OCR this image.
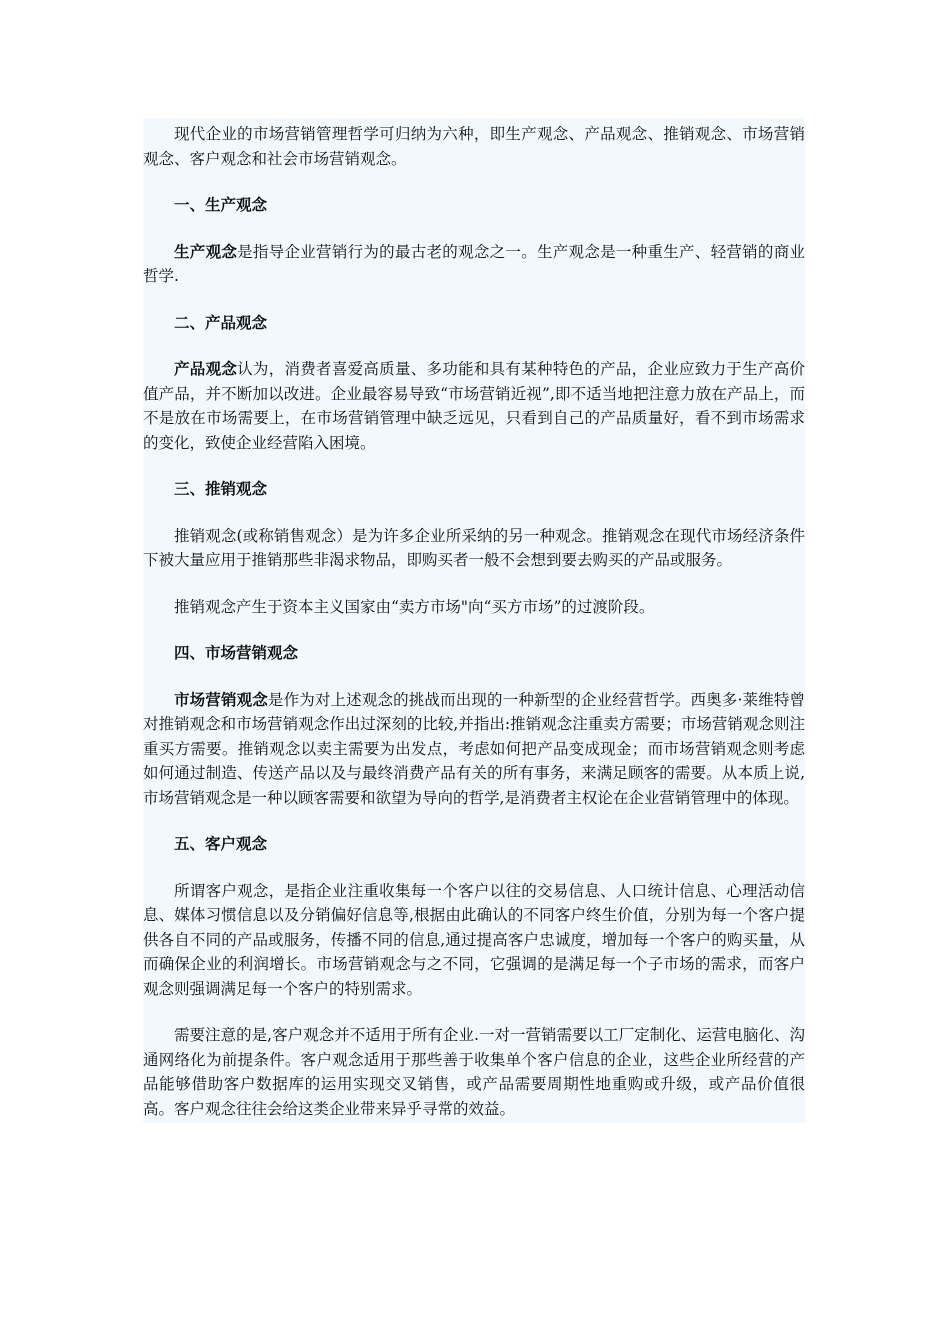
现代企业的市场营销管理哲学可归纳为六种，即生产观念、产品观念、推销观念、市场营销观念、客户观念和社会市场营销观念。

一、生产观念

生产观念是指导企业营销行为的最古老的观念之一。生产观念是一种重生产、轻营销的商业哲学.

二、产品观念

产品观念认为，消费者喜爱高质量、多功能和具有某种特色的产品，企业应致力于生产高价值产品，并不断加以改进。企业最容易导致“市场营销近视”,即不适当地把注意力放在产品上，而不是放在市场需要上，在市场营销管理中缺乏远见，只看到自己的产品质量好，看不到市场需求的变化，致使企业经营陷入困境。

三、推销观念

推销观念(或称销售观念）是为许多企业所采纳的另一种观念。推销观念在现代市场经济条件下被大量应用于推销那些非渴求物品，即购买者一般不会想到要去购买的产品或服务。

推销观念产生于资本主义国家由“卖方市场"向“买方市场”的过渡阶段。

四、市场营销观念

市场营销观念是作为对上述观念的挑战而出现的一种新型的企业经营哲学。西奥多·莱维特曾对推销观念和市场营销观念作出过深刻的比较,并指出:推销观念注重卖方需要；市场营销观念则注重买方需要。推销观念以卖主需要为出发点，考虑如何把产品变成现金；而市场营销观念则考虑如何通过制造、传送产品以及与最终消费产品有关的所有事务，来满足顾客的需要。从本质上说,市场营销观念是一种以顾客需要和欲望为导向的哲学,是消费者主权论在企业营销管理中的体现。

五、客户观念

所谓客户观念，是指企业注重收集每一个客户以往的交易信息、人口统计信息、心理活动信息、媒体习惯信息以及分销偏好信息等,根据由此确认的不同客户终生价值，分别为每一个客户提供各自不同的产品或服务，传播不同的信息,通过提高客户忠诚度，增加每一个客户的购买量，从而确保企业的利润增长。市场营销观念与之不同，它强调的是满足每一个子市场的需求，而客户观念则强调满足每一个客户的特别需求。

需要注意的是,客户观念并不适用于所有企业.一对一营销需要以工厂定制化、运营电脑化、沟通网络化为前提条件。客户观念适用于那些善于收集单个客户信息的企业，这些企业所经营的产品能够借助客户数据库的运用实现交叉销售，或产品需要周期性地重购或升级，或产品价值很高。客户观念往往会给这类企业带来异乎寻常的效益。
